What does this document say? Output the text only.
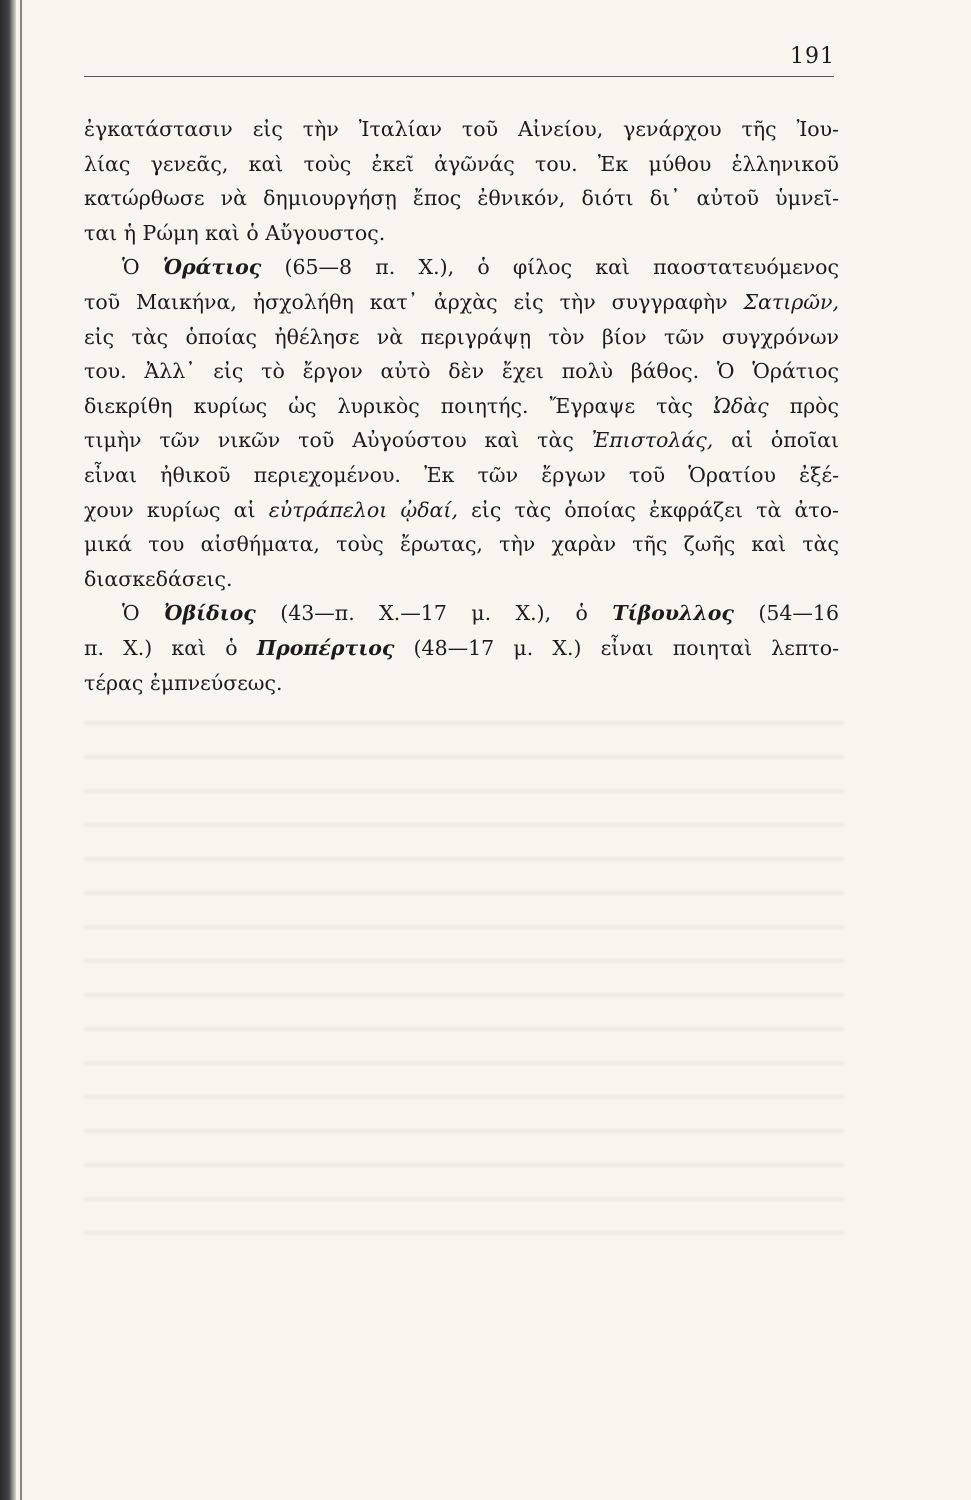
191
ἐγκατάστασιν εἰς τὴν Ἰταλίαν τοῦ Αἰνείου, γενάρχου τῆς Ἰου-
λίας γενεᾶς, καὶ τοὺς ἐκεῖ ἀγῶνάς του. Ἐκ μύθου ἑλληνικοῦ
κατώρθωσε νὰ δημιουργήσῃ ἔπος ἐθνικόν, διότι δι᾽ αὐτοῦ ὑμνεῖ-
ται ἡ Ρώμη καὶ ὁ Αὔγουστος.
Ὁ Ὁράτιος (65—8 π. Χ.), ὁ φίλος καὶ παοστατευόμενος
τοῦ Μαικήνα, ἠσχολήθη κατ᾽ ἀρχὰς εἰς τὴν συγγραφὴν Σατιρῶν,
εἰς τὰς ὁποίας ἠθέλησε νὰ περιγράψῃ τὸν βίον τῶν συγχρόνων
του. Ἀλλ᾽ εἰς τὸ ἔργον αὐτὸ δὲν ἔχει πολὺ βάθος. Ὁ Ὁράτιος
διεκρίθη κυρίως ὡς λυρικὸς ποιητής. Ἔγραψε τὰς Ὠδὰς πρὸς
τιμὴν τῶν νικῶν τοῦ Αὐγούστου καὶ τὰς Ἐπιστολάς, αἱ ὁποῖαι
εἶναι ἠθικοῦ περιεχομένου. Ἐκ τῶν ἔργων τοῦ Ὁρατίου ἐξέ-
χουν κυρίως αἱ εὐτράπελοι ᾠδαί, εἰς τὰς ὁποίας ἐκφράζει τὰ ἀτο-
μικά του αἰσθήματα, τοὺς ἔρωτας, τὴν χαρὰν τῆς ζωῆς καὶ τὰς
διασκεδάσεις.
Ὁ Ὀβίδιος (43—π. Χ.—17 μ. Χ.), ὁ Τίβουλλος (54—16
π. Χ.) καὶ ὁ Προπέρτιος (48—17 μ. Χ.) εἶναι ποιηταὶ λεπτο-
τέρας ἐμπνεύσεως.
